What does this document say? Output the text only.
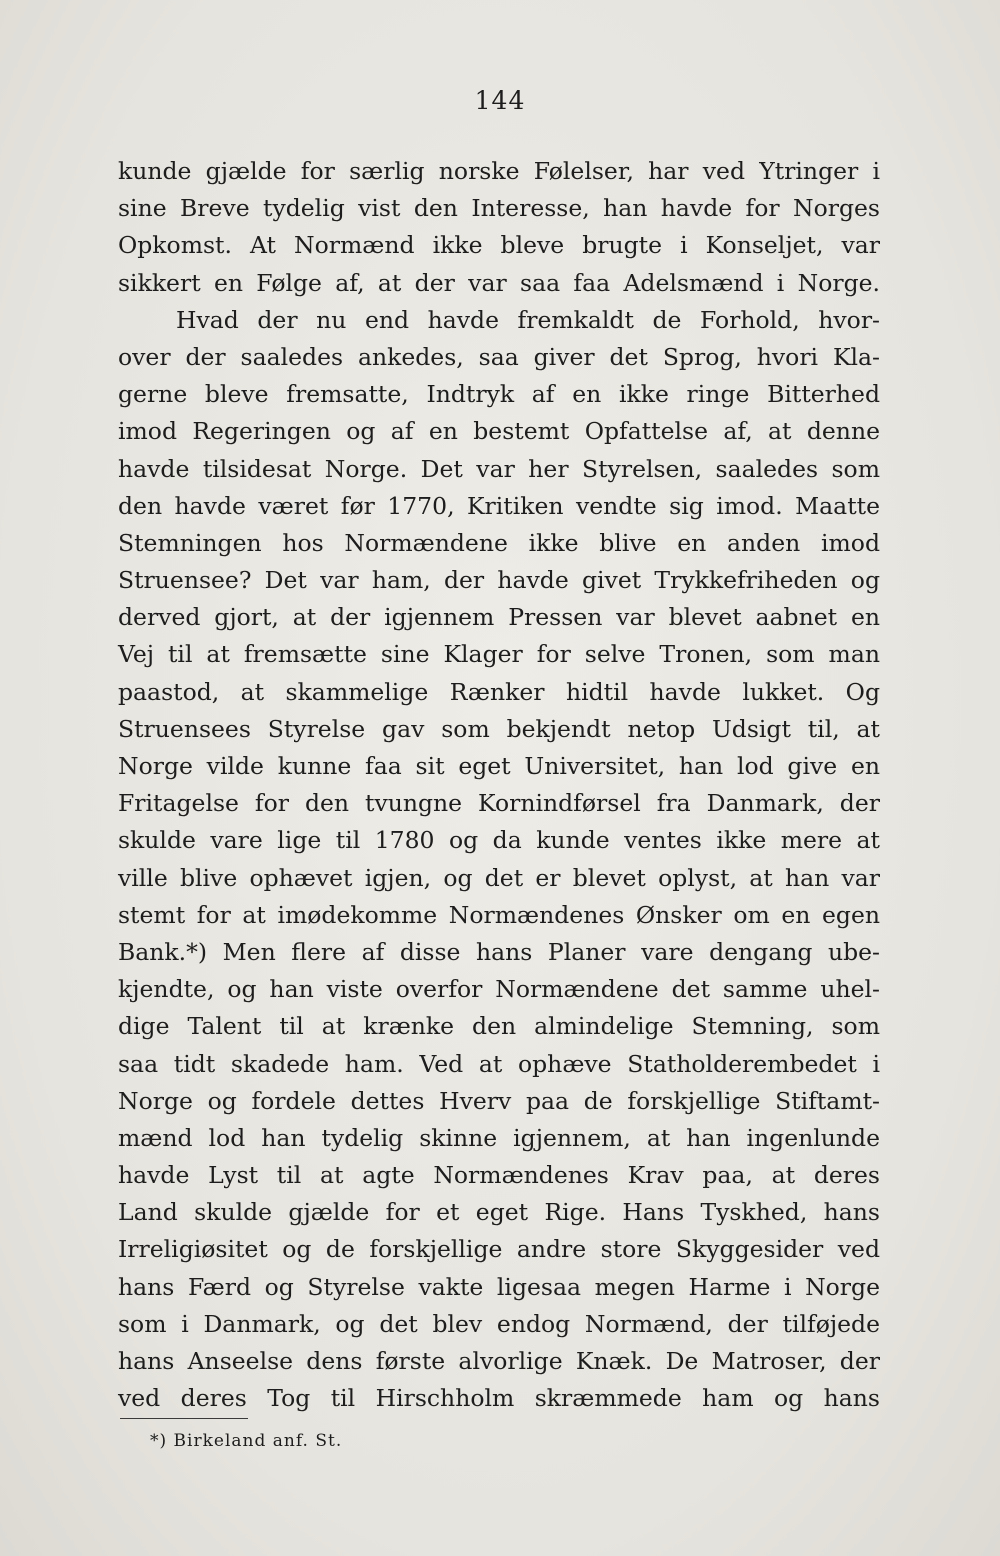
144
kunde gjælde for særlig norske Følelser, har ved Ytringer i
sine Breve tydelig vist den Interesse, han havde for Norges
Opkomst. At Normænd ikke bleve brugte i Konseljet, var
sikkert en Følge af, at der var saa faa Adelsmænd i Norge.
Hvad der nu end havde fremkaldt de Forhold, hvor-
over der saaledes ankedes, saa giver det Sprog, hvori Kla-
gerne bleve fremsatte, Indtryk af en ikke ringe Bitterhed
imod Regeringen og af en bestemt Opfattelse af, at denne
havde tilsidesat Norge. Det var her Styrelsen, saaledes som
den havde været før 1770, Kritiken vendte sig imod. Maatte
Stemningen hos Normændene ikke blive en anden imod
Struensee? Det var ham, der havde givet Trykkefriheden og
derved gjort, at der igjennem Pressen var blevet aabnet en
Vej til at fremsætte sine Klager for selve Tronen, som man
paastod, at skammelige Rænker hidtil havde lukket. Og
Struensees Styrelse gav som bekjendt netop Udsigt til, at
Norge vilde kunne faa sit eget Universitet, han lod give en
Fritagelse for den tvungne Kornindførsel fra Danmark, der
skulde vare lige til 1780 og da kunde ventes ikke mere at
ville blive ophævet igjen, og det er blevet oplyst, at han var
stemt for at imødekomme Normændenes Ønsker om en egen
Bank.*) Men flere af disse hans Planer vare dengang ube-
kjendte, og han viste overfor Normændene det samme uhel-
dige Talent til at krænke den almindelige Stemning, som
saa tidt skadede ham. Ved at ophæve Statholderembedet i
Norge og fordele dettes Hverv paa de forskjellige Stiftamt-
mænd lod han tydelig skinne igjennem, at han ingenlunde
havde Lyst til at agte Normændenes Krav paa, at deres
Land skulde gjælde for et eget Rige. Hans Tyskhed, hans
Irreligiøsitet og de forskjellige andre store Skyggesider ved
hans Færd og Styrelse vakte ligesaa megen Harme i Norge
som i Danmark, og det blev endog Normænd, der tilføjede
hans Anseelse dens første alvorlige Knæk. De Matroser, der
ved deres Tog til Hirschholm skræmmede ham og hans
*) Birkeland anf. St.
